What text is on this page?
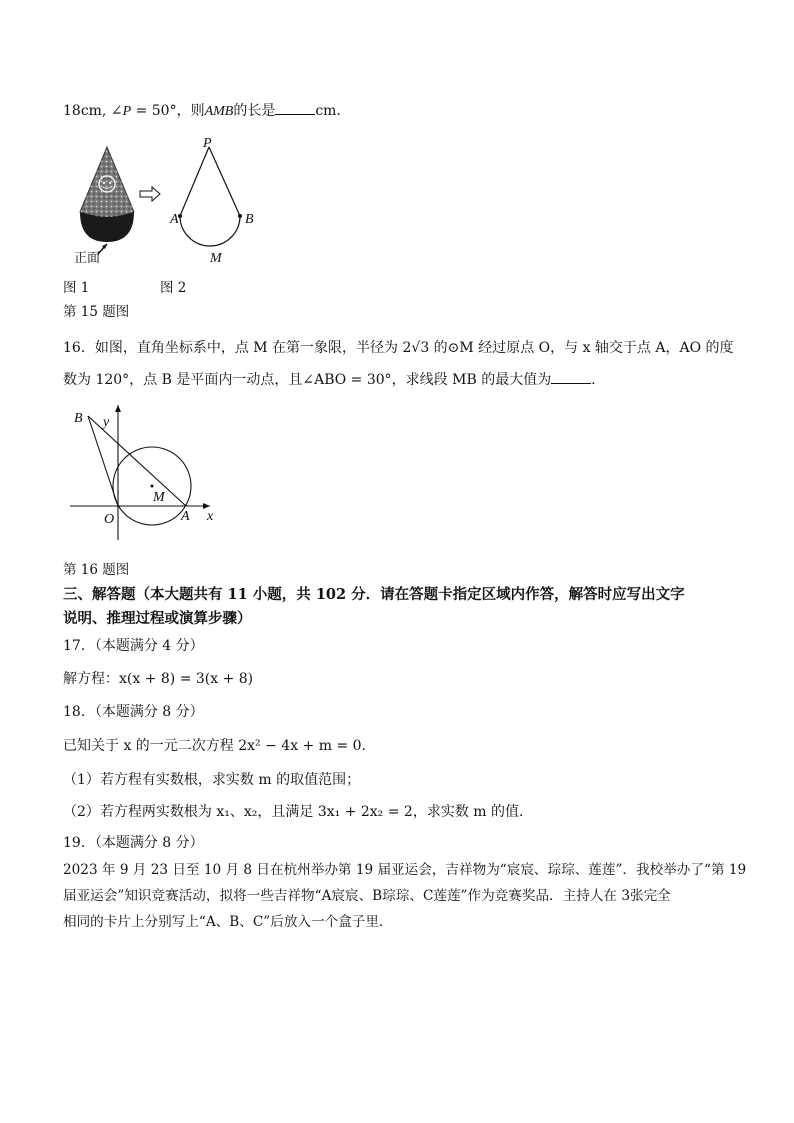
18cm, ∠P = 50°，则AMB的长是	cm．
正面
P
A	B
M
图 1	图 2
第 15 题图
16．如图，直角坐标系中，点 M 在第一象限，半径为 2√3 的⊙M 经过原点 O，与 x 轴交于点 A，AO 的度
数为 120°，点 B 是平面内一动点，且∠ABO = 30°，求线段 MB 的最大值为	．
B y
M
O	A x
第 16 题图
三、解答题（本大题共有 11 小题，共 102 分．请在答题卡指定区域内作答，解答时应写出文字
说明、推理过程或演算步骤）
17．（本题满分 4 分）
解方程：x(x + 8) = 3(x + 8)
18．（本题满分 8 分）
已知关于 x 的一元二次方程 2x² − 4x + m = 0．
（1）若方程有实数根，求实数 m 的取值范围；
（2）若方程两实数根为 x₁、x₂，且满足 3x₁ + 2x₂ = 2，求实数 m 的值．
19．（本题满分 8 分）
2023 年 9 月 23 日至 10 月 8 日在杭州举办第 19 届亚运会，吉祥物为“宸宸、琮琮、莲莲”．我校举办了“第 19
届亚运会”知识竞赛活动，拟将一些吉祥物“A宸宸、B琮琮、C莲莲”作为竞赛奖品．主持人在 3张完全
相同的卡片上分别写上“A、B、C”后放入一个盒子里．
